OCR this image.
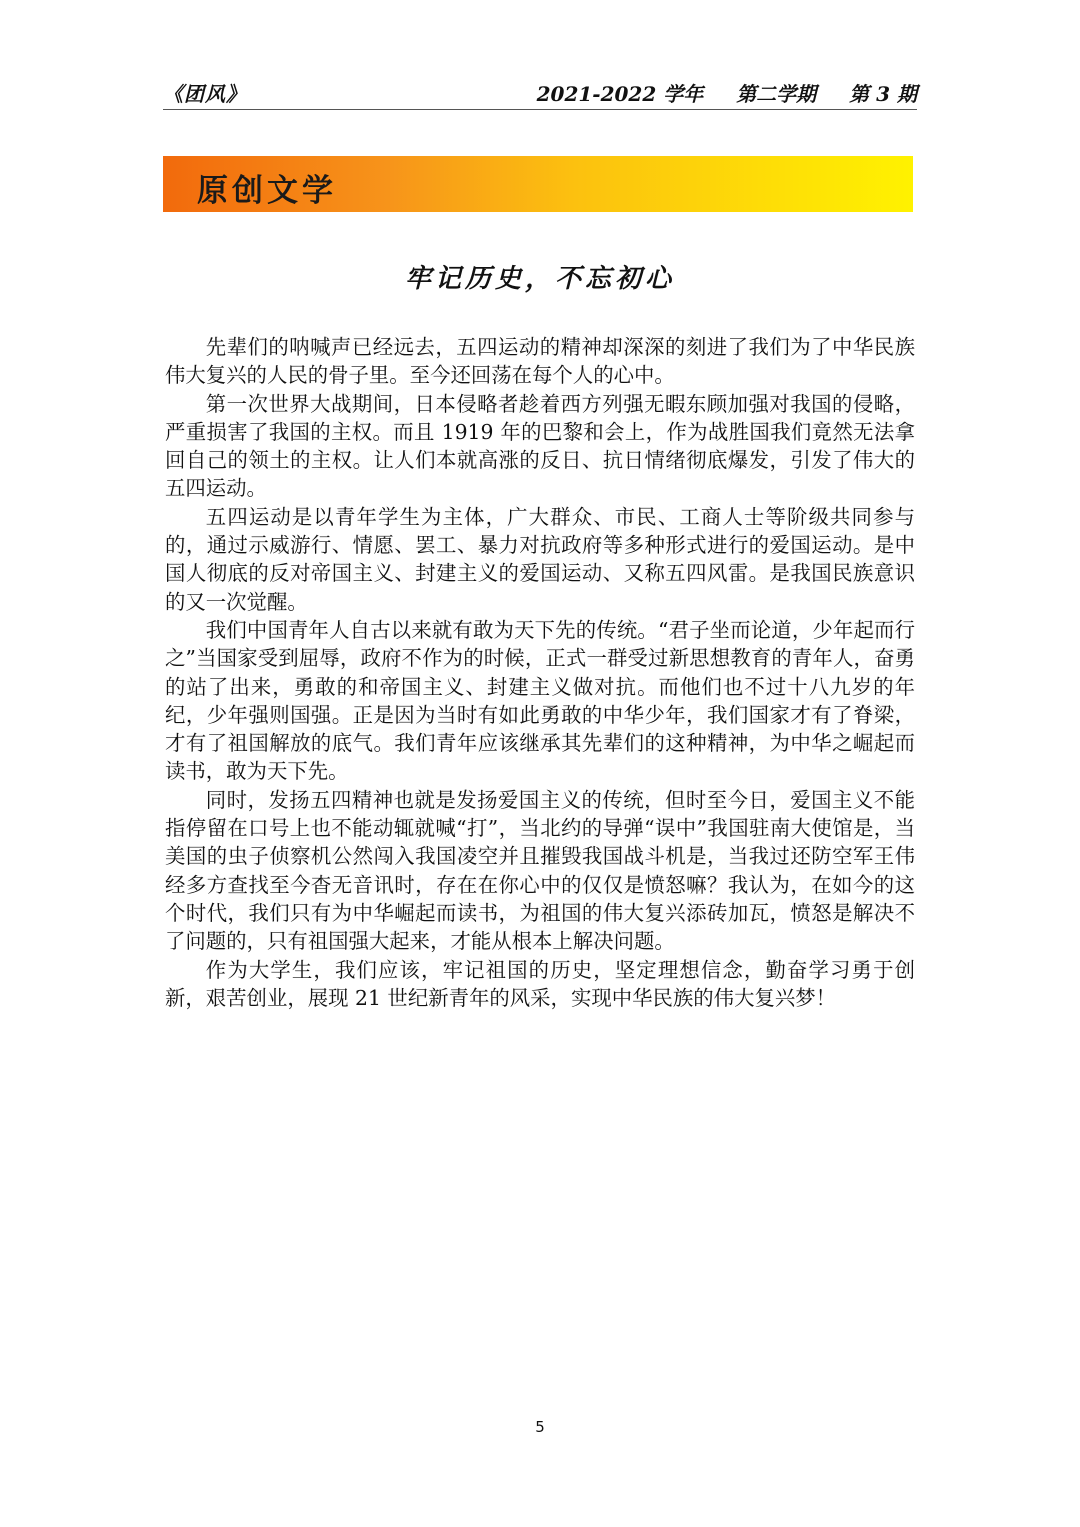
《团风》	2021-2022 学年 第二学期 第 3 期
原创文学
牢记历史，不忘初心

先辈们的呐喊声已经远去，五四运动的精神却深深的刻进了我们为了中华民族伟大复兴的人民的骨子里。至今还回荡在每个人的心中。

第一次世界大战期间，日本侵略者趁着西方列强无暇东顾加强对我国的侵略，严重损害了我国的主权。而且 1919 年的巴黎和会上，作为战胜国我们竟然无法拿回自己的领土的主权。让人们本就高涨的反日、抗日情绪彻底爆发，引发了伟大的五四运动。

五四运动是以青年学生为主体，广大群众、市民、工商人士等阶级共同参与的，通过示威游行、情愿、罢工、暴力对抗政府等多种形式进行的爱国运动。是中国人彻底的反对帝国主义、封建主义的爱国运动、又称五四风雷。是我国民族意识的又一次觉醒。

我们中国青年人自古以来就有敢为天下先的传统。“君子坐而论道，少年起而行之”当国家受到屈辱，政府不作为的时候，正式一群受过新思想教育的青年人，奋勇的站了出来，勇敢的和帝国主义、封建主义做对抗。而他们也不过十八九岁的年纪，少年强则国强。正是因为当时有如此勇敢的中华少年，我们国家才有了脊梁，才有了祖国解放的底气。我们青年应该继承其先辈们的这种精神，为中华之崛起而读书，敢为天下先。

同时，发扬五四精神也就是发扬爱国主义的传统，但时至今日，爱国主义不能指停留在口号上也不能动辄就喊“打”，当北约的导弹“误中”我国驻南大使馆是，当美国的虫子侦察机公然闯入我国凌空并且摧毁我国战斗机是，当我过还防空军王伟经多方查找至今杳无音讯时，存在在你心中的仅仅是愤怒嘛？我认为，在如今的这个时代，我们只有为中华崛起而读书，为祖国的伟大复兴添砖加瓦，愤怒是解决不了问题的，只有祖国强大起来，才能从根本上解决问题。

作为大学生，我们应该，牢记祖国的历史，坚定理想信念，勤奋学习勇于创新，艰苦创业，展现 21 世纪新青年的风采，实现中华民族的伟大复兴梦！

5
